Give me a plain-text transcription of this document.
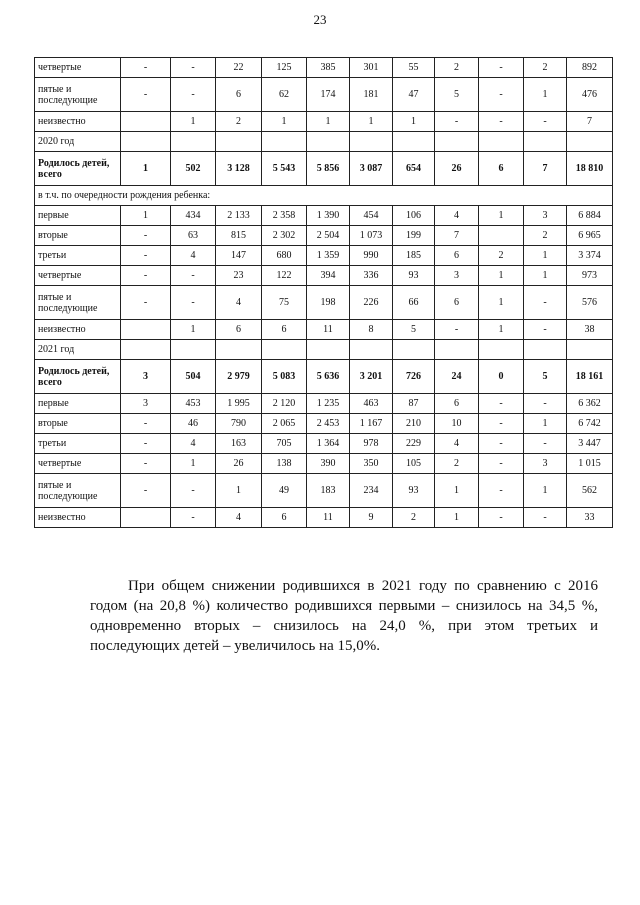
23
четвертые	-	-	22	125	385	301	55	2	-	2	892
пятые и последующие	-	-	6	62	174	181	47	5	-	1	476
неизвестно		1	2	1	1	1	1	-	-	-	7
2020 год											
Родилось детей, всего	1	502	3 128	5 543	5 856	3 087	654	26	6	7	18 810
в т.ч. по очередности рождения ребенка:											
первые	1	434	2 133	2 358	1 390	454	106	4	1	3	6 884
вторые	-	63	815	2 302	2 504	1 073	199	7		2	6 965
третьи	-	4	147	680	1 359	990	185	6	2	1	3 374
четвертые	-	-	23	122	394	336	93	3	1	1	973
пятые и последующие	-	-	4	75	198	226	66	6	1	-	576
неизвестно		1	6	6	11	8	5	-	1	-	38
2021 год											
Родилось детей, всего	3	504	2 979	5 083	5 636	3 201	726	24	0	5	18 161
первые	3	453	1 995	2 120	1 235	463	87	6	-	-	6 362
вторые	-	46	790	2 065	2 453	1 167	210	10	-	1	6 742
третьи	-	4	163	705	1 364	978	229	4	-	-	3 447
четвертые	-	1	26	138	390	350	105	2	-	3	1 015
пятые и последующие	-	-	1	49	183	234	93	1	-	1	562
неизвестно		-	4	6	11	9	2	1	-	-	33

При общем снижении родившихся в 2021 году по сравнению с 2016 годом (на 20,8 %) количество родившихся первыми – снизилось на 34,5 %, одновременно вторых – снизилось на 24,0 %, при этом третьих и последующих детей – увеличилось на 15,0%.
